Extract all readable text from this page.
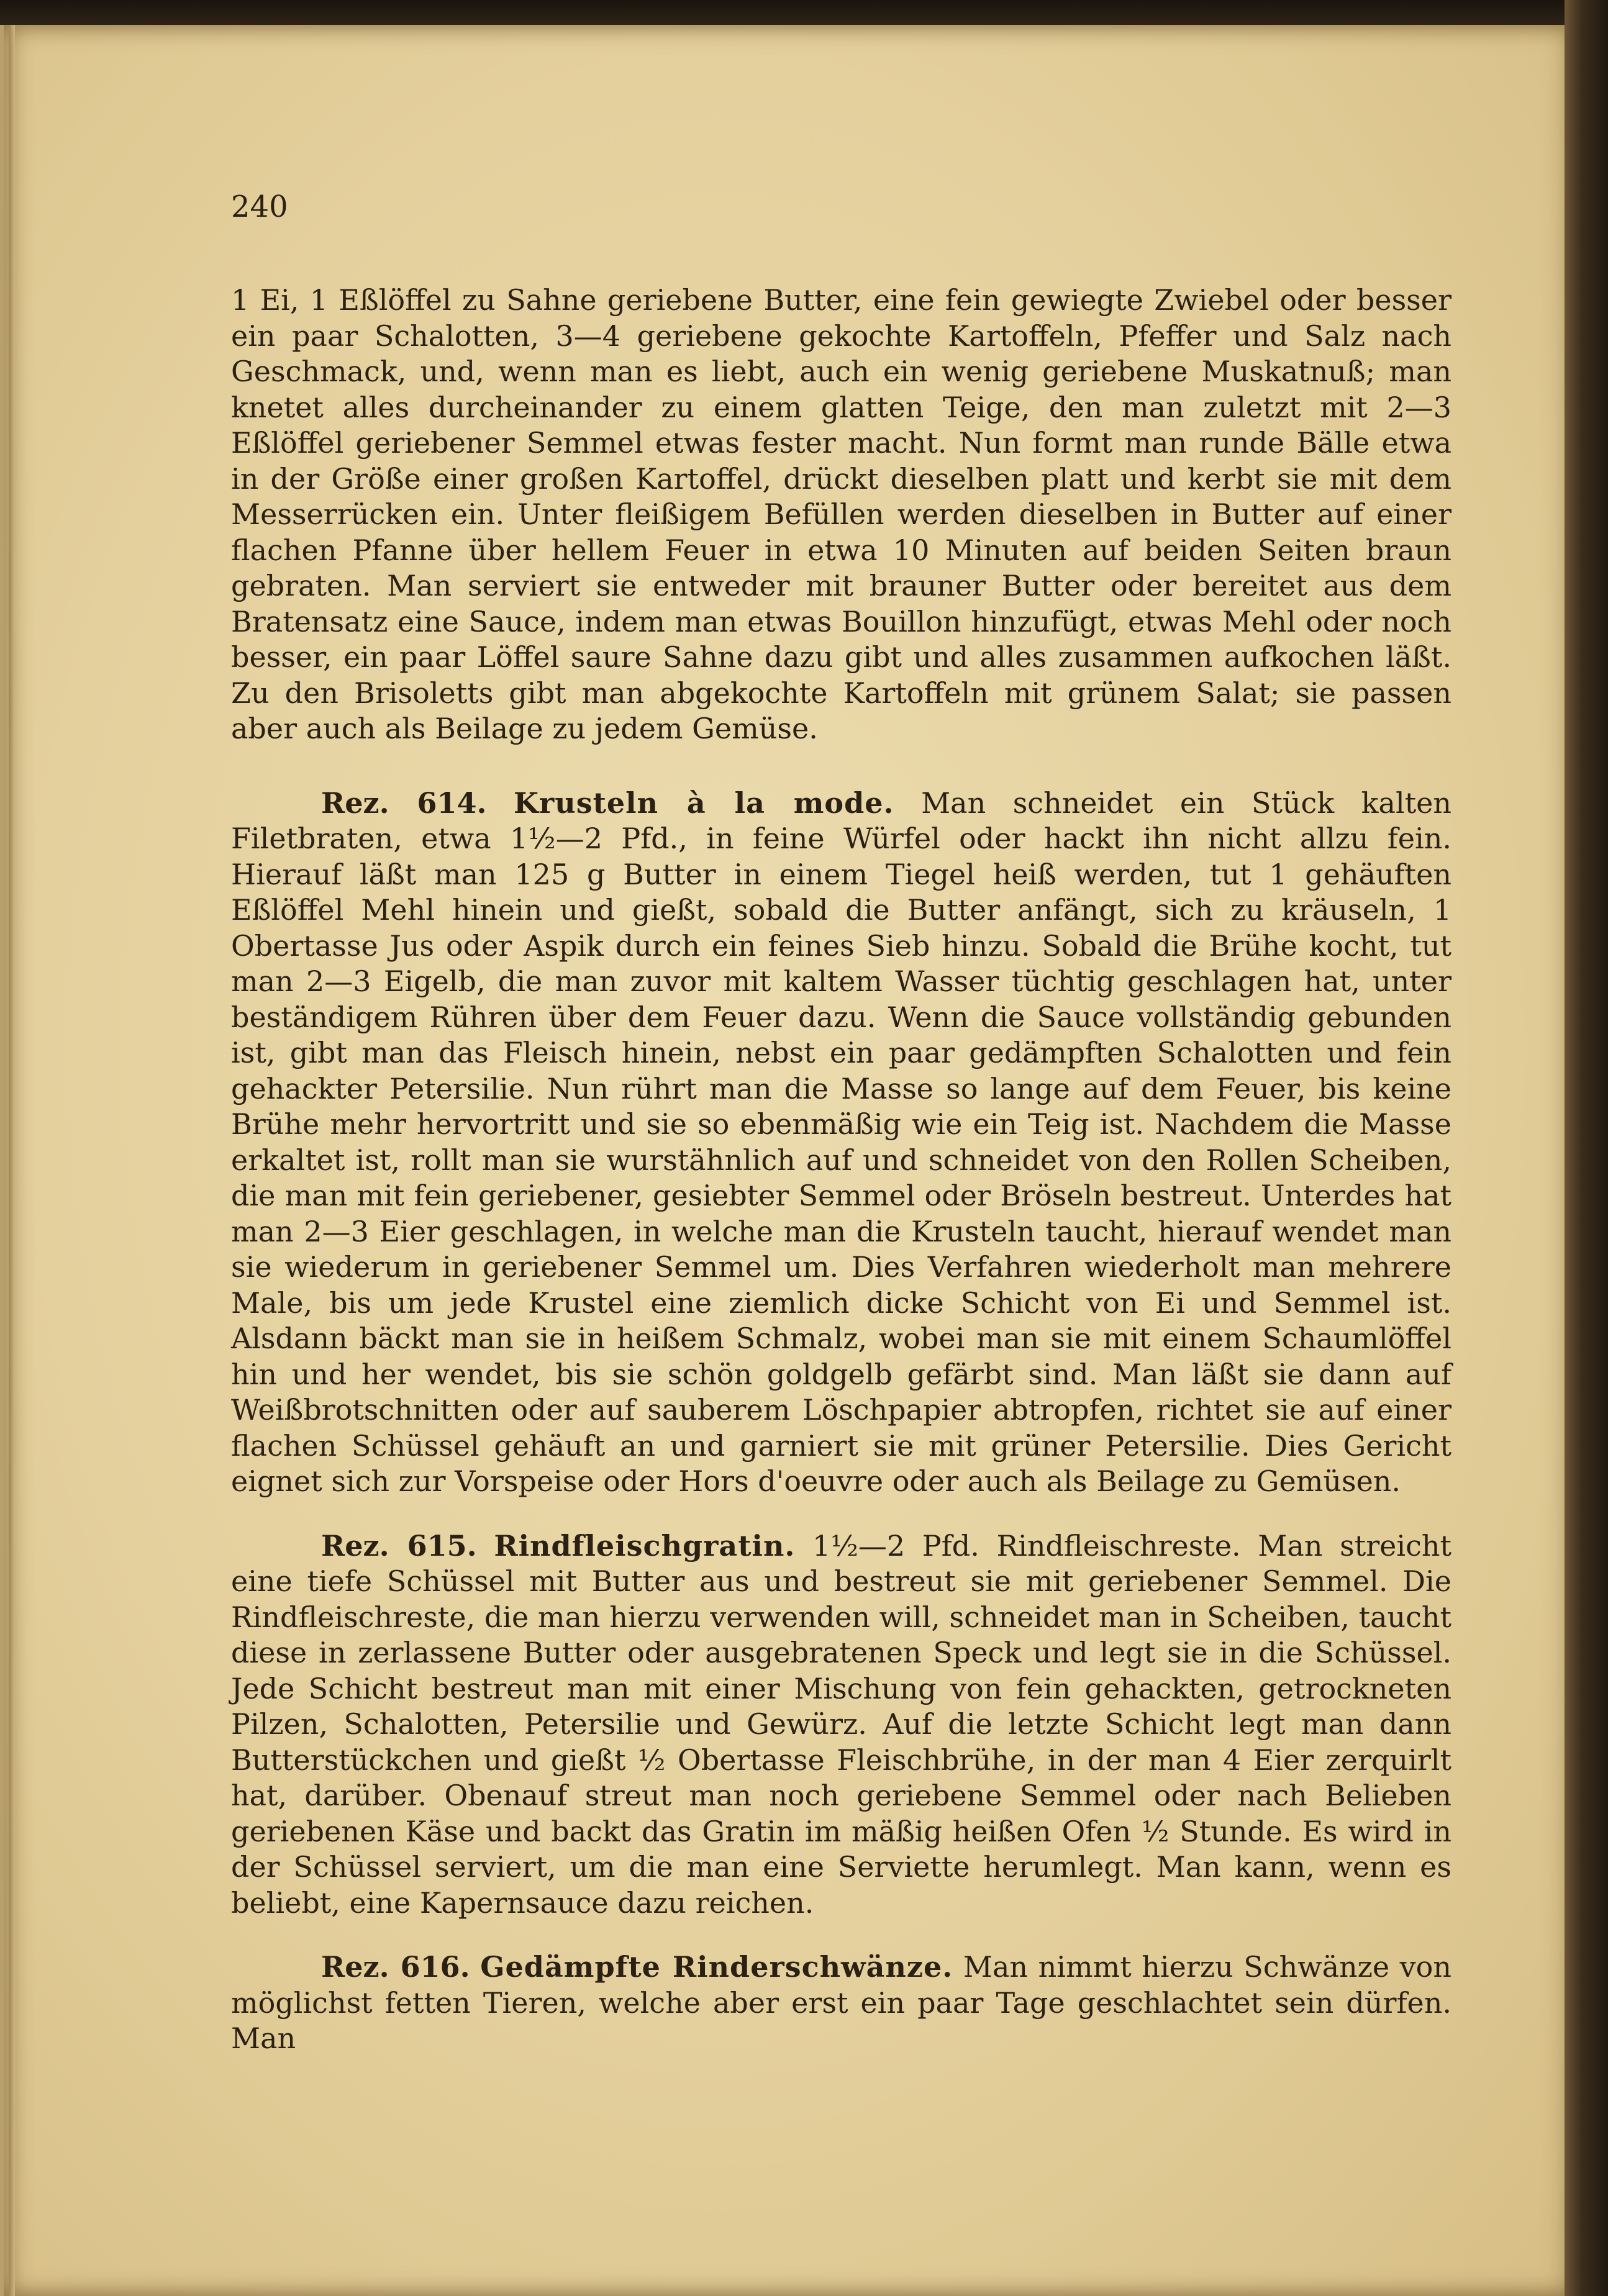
240

1 Ei, 1 Eßlöffel zu Sahne geriebene Butter, eine fein gewiegte Zwiebel oder besser ein paar Schalotten, 3—4 geriebene gekochte Kartoffeln, Pfeffer und Salz nach Geschmack, und, wenn man es liebt, auch ein wenig geriebene Muskatnuß; man knetet alles durcheinander zu einem glatten Teige, den man zuletzt mit 2—3 Eßlöffel geriebener Semmel etwas fester macht. Nun formt man runde Bälle etwa in der Größe einer großen Kartoffel, drückt dieselben platt und kerbt sie mit dem Messerrücken ein. Unter fleißigem Befüllen werden dieselben in Butter auf einer flachen Pfanne über hellem Feuer in etwa 10 Minuten auf beiden Seiten braun gebraten. Man serviert sie entweder mit brauner Butter oder bereitet aus dem Bratensatz eine Sauce, indem man etwas Bouillon hinzufügt, etwas Mehl oder noch besser, ein paar Löffel saure Sahne dazu gibt und alles zusammen aufkochen läßt. Zu den Brisoletts gibt man abgekochte Kartoffeln mit grünem Salat; sie passen aber auch als Beilage zu jedem Gemüse.

Rez. 614. Krusteln à la mode. Man schneidet ein Stück kalten Filetbraten, etwa 1½—2 Pfd., in feine Würfel oder hackt ihn nicht allzu fein. Hierauf läßt man 125 g Butter in einem Tiegel heiß werden, tut 1 gehäuften Eßlöffel Mehl hinein und gießt, sobald die Butter anfängt, sich zu kräuseln, 1 Obertasse Jus oder Aspik durch ein feines Sieb hinzu. Sobald die Brühe kocht, tut man 2—3 Eigelb, die man zuvor mit kaltem Wasser tüchtig geschlagen hat, unter beständigem Rühren über dem Feuer dazu. Wenn die Sauce vollständig gebunden ist, gibt man das Fleisch hinein, nebst ein paar gedämpften Schalotten und fein gehackter Petersilie. Nun rührt man die Masse so lange auf dem Feuer, bis keine Brühe mehr hervortritt und sie so ebenmäßig wie ein Teig ist. Nachdem die Masse erkaltet ist, rollt man sie wurstähnlich auf und schneidet von den Rollen Scheiben, die man mit fein geriebener, gesiebter Semmel oder Bröseln bestreut. Unterdes hat man 2—3 Eier geschlagen, in welche man die Krusteln taucht, hierauf wendet man sie wiederum in geriebener Semmel um. Dies Verfahren wiederholt man mehrere Male, bis um jede Krustel eine ziemlich dicke Schicht von Ei und Semmel ist. Alsdann bäckt man sie in heißem Schmalz, wobei man sie mit einem Schaumlöffel hin und her wendet, bis sie schön goldgelb gefärbt sind. Man läßt sie dann auf Weißbrotschnitten oder auf sauberem Löschpapier abtropfen, richtet sie auf einer flachen Schüssel gehäuft an und garniert sie mit grüner Petersilie. Dies Gericht eignet sich zur Vorspeise oder Hors d'oeuvre oder auch als Beilage zu Gemüsen.

Rez. 615. Rindfleischgratin. 1½—2 Pfd. Rindfleischreste. Man streicht eine tiefe Schüssel mit Butter aus und bestreut sie mit geriebener Semmel. Die Rindfleischreste, die man hierzu verwenden will, schneidet man in Scheiben, taucht diese in zerlassene Butter oder ausgebratenen Speck und legt sie in die Schüssel. Jede Schicht bestreut man mit einer Mischung von fein gehackten, getrockneten Pilzen, Schalotten, Petersilie und Gewürz. Auf die letzte Schicht legt man dann Butterstückchen und gießt ½ Obertasse Fleischbrühe, in der man 4 Eier zerquirlt hat, darüber. Obenauf streut man noch geriebene Semmel oder nach Belieben geriebenen Käse und backt das Gratin im mäßig heißen Ofen ½ Stunde. Es wird in der Schüssel serviert, um die man eine Serviette herumlegt. Man kann, wenn es beliebt, eine Kapernsauce dazu reichen.

Rez. 616. Gedämpfte Rinderschwänze. Man nimmt hierzu Schwänze von möglichst fetten Tieren, welche aber erst ein paar Tage geschlachtet sein dürfen. Man
